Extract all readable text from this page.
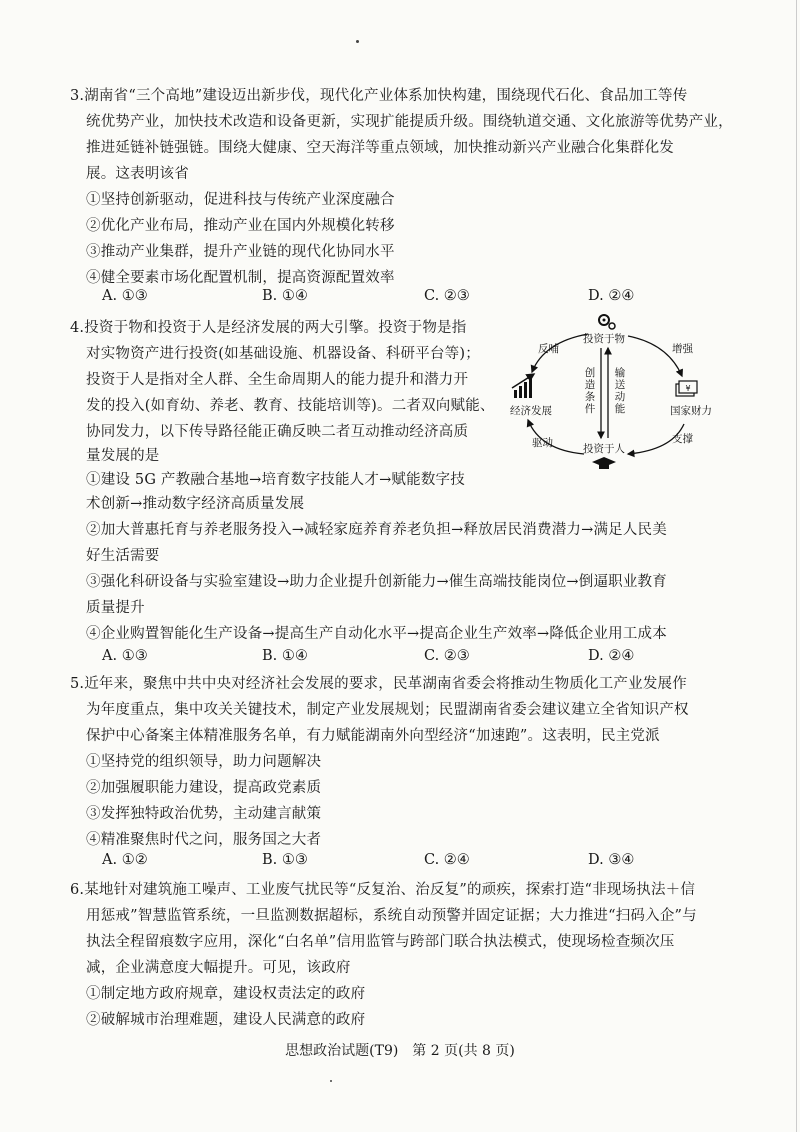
3.湖南省“三个高地”建设迈出新步伐，现代化产业体系加快构建，围绕现代石化、食品加工等传
统优势产业，加快技术改造和设备更新，实现扩能提质升级。围绕轨道交通、文化旅游等优势产业，
推进延链补链强链。围绕大健康、空天海洋等重点领域，加快推动新兴产业融合化集群化发
展。这表明该省
①坚持创新驱动，促进科技与传统产业深度融合
②优化产业布局，推动产业在国内外规模化转移
③推动产业集群，提升产业链的现代化协同水平
④健全要素市场化配置机制，提高资源配置效率
A. ①③	B. ①④	C. ②③	D. ②④
4.投资于物和投资于人是经济发展的两大引擎。投资于物是指
对实物资产进行投资(如基础设施、机器设备、科研平台等)；
投资于人是指对全人群、全生命周期人的能力提升和潜力开
发的投入(如育幼、养老、教育、技能培训等)。二者双向赋能、
协同发力，以下传导路径能正确反映二者互动推动经济高质
量发展的是
①建设 5G 产教融合基地→培育数字技能人才→赋能数字技
术创新→推动数字经济高质量发展
②加大普惠托育与养老服务投入→减轻家庭养育养老负担→释放居民消费潜力→满足人民美
好生活需要
③强化科研设备与实验室建设→助力企业提升创新能力→催生高端技能岗位→倒逼职业教育
质量提升
④企业购置智能化生产设备→提高生产自动化水平→提高企业生产效率→降低企业用工成本
A. ①③	B. ①④	C. ②③	D. ②④
投资于物
投资于人
经济发展
¥
国家财力
反哺	增强
驱动	支撑
创
造
条
件
输
送
动
能
5.近年来，聚焦中共中央对经济社会发展的要求，民革湖南省委会将推动生物质化工产业发展作
为年度重点，集中攻关关键技术，制定产业发展规划；民盟湖南省委会建议建立全省知识产权
保护中心备案主体精准服务名单，有力赋能湖南外向型经济“加速跑”。这表明，民主党派
①坚持党的组织领导，助力问题解决
②加强履职能力建设，提高政党素质
③发挥独特政治优势，主动建言献策
④精准聚焦时代之问，服务国之大者
A. ①②	B. ①③	C. ②④	D. ③④
6.某地针对建筑施工噪声、工业废气扰民等“反复治、治反复”的顽疾，探索打造“非现场执法＋信
用惩戒”智慧监管系统，一旦监测数据超标，系统自动预警并固定证据；大力推进“扫码入企”与
执法全程留痕数字应用，深化“白名单”信用监管与跨部门联合执法模式，使现场检查频次压
减，企业满意度大幅提升。可见，该政府
①制定地方政府规章，建设权责法定的政府
②破解城市治理难题，建设人民满意的政府
思想政治试题(T9)　第 2 页(共 8 页)
